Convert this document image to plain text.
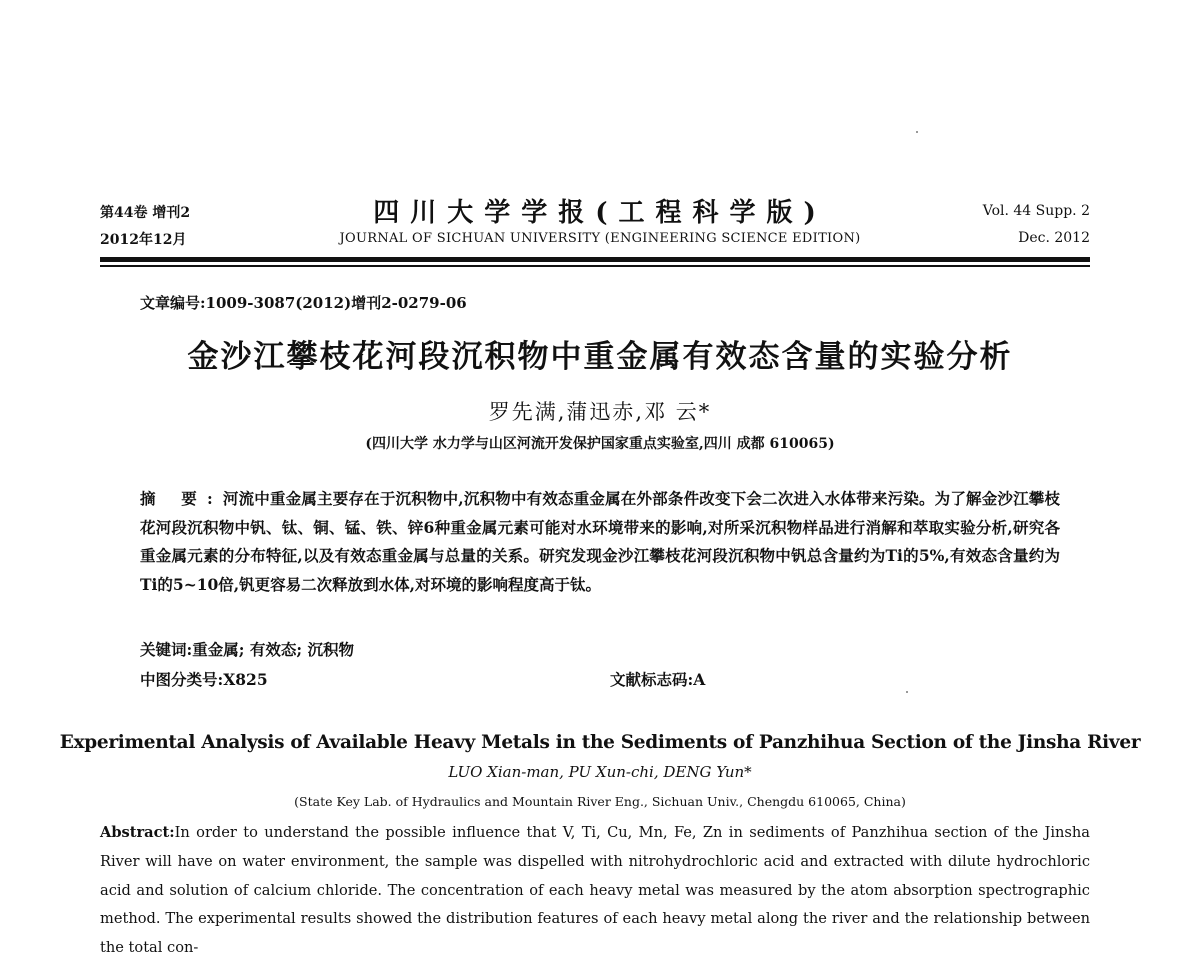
第44卷 增刊2
2012年12月
四川大学学报(工程科学版)
JOURNAL OF SICHUAN UNIVERSITY (ENGINEERING SCIENCE EDITION)
Vol. 44 Supp. 2
Dec. 2012
文章编号:1009-3087(2012)增刊2-0279-06
金沙江攀枝花河段沉积物中重金属有效态含量的实验分析
罗先满,蒲迅赤,邓 云*
(四川大学 水力学与山区河流开发保护国家重点实验室,四川 成都 610065)
摘 要:河流中重金属主要存在于沉积物中,沉积物中有效态重金属在外部条件改变下会二次进入水体带来污染。为了解金沙江攀枝花河段沉积物中钒、钛、铜、锰、铁、锌6种重金属元素可能对水环境带来的影响,对所采沉积物样品进行消解和萃取实验分析,研究各重金属元素的分布特征,以及有效态重金属与总量的关系。研究发现金沙江攀枝花河段沉积物中钒总含量约为Ti的5%,有效态含量约为Ti的5~10倍,钒更容易二次释放到水体,对环境的影响程度高于钛。
关键词:重金属; 有效态; 沉积物
中图分类号:X825	文献标志码:A
Experimental Analysis of Available Heavy Metals in the Sediments of Panzhihua Section of the Jinsha River
LUO Xian-man, PU Xun-chi, DENG Yun*
(State Key Lab. of Hydraulics and Mountain River Eng., Sichuan Univ., Chengdu 610065, China)
Abstract:In order to understand the possible influence that V, Ti, Cu, Mn, Fe, Zn in sediments of Panzhihua section of the Jinsha River will have on water environment, the sample was dispelled with nitrohydrochloric acid and extracted with dilute hydrochloric acid and solution of calcium chloride. The concentration of each heavy metal was measured by the atom absorption spectrographic method. The experimental results showed the distribution features of each heavy metal along the river and the relationship between the total con-
